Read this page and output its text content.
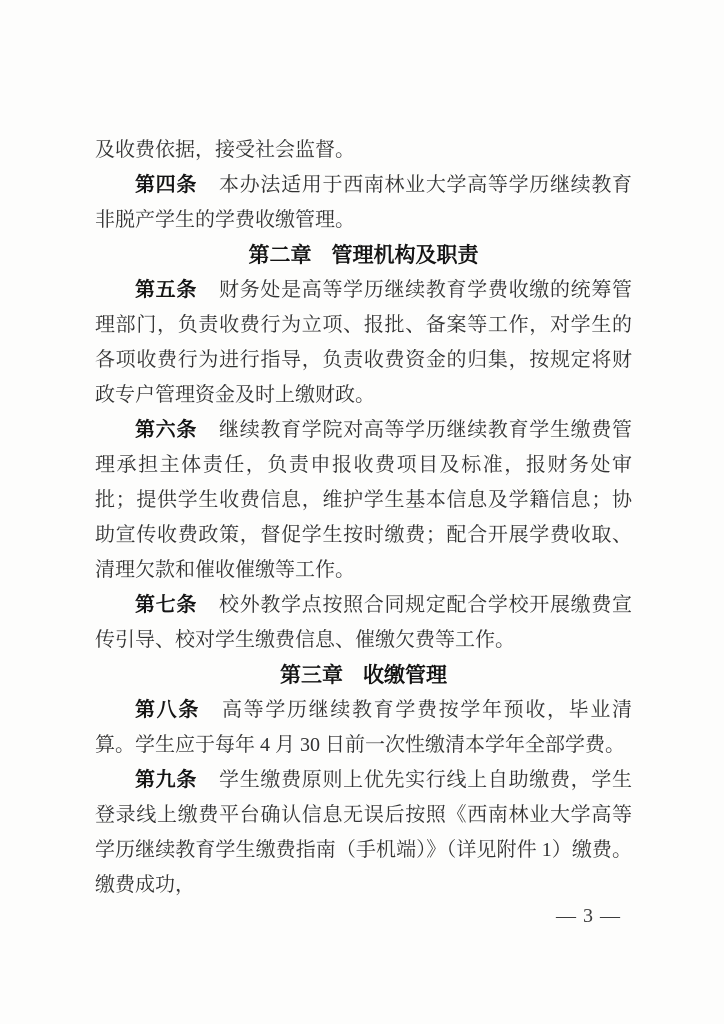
及收费依据，接受社会监督。

第四条 本办法适用于西南林业大学高等学历继续教育非脱产学生的学费收缴管理。

第二章 管理机构及职责

第五条 财务处是高等学历继续教育学费收缴的统筹管理部门，负责收费行为立项、报批、备案等工作，对学生的各项收费行为进行指导，负责收费资金的归集，按规定将财政专户管理资金及时上缴财政。

第六条 继续教育学院对高等学历继续教育学生缴费管理承担主体责任，负责申报收费项目及标准，报财务处审批；提供学生收费信息，维护学生基本信息及学籍信息；协助宣传收费政策，督促学生按时缴费；配合开展学费收取、清理欠款和催收催缴等工作。

第七条 校外教学点按照合同规定配合学校开展缴费宣传引导、校对学生缴费信息、催缴欠费等工作。

第三章 收缴管理

第八条 高等学历继续教育学费按学年预收，毕业清算。学生应于每年 4 月 30 日前一次性缴清本学年全部学费。

第九条 学生缴费原则上优先实行线上自助缴费，学生登录线上缴费平台确认信息无误后按照《西南林业大学高等学历继续教育学生缴费指南（手机端）》（详见附件 1）缴费。缴费成功，

— 3 —
